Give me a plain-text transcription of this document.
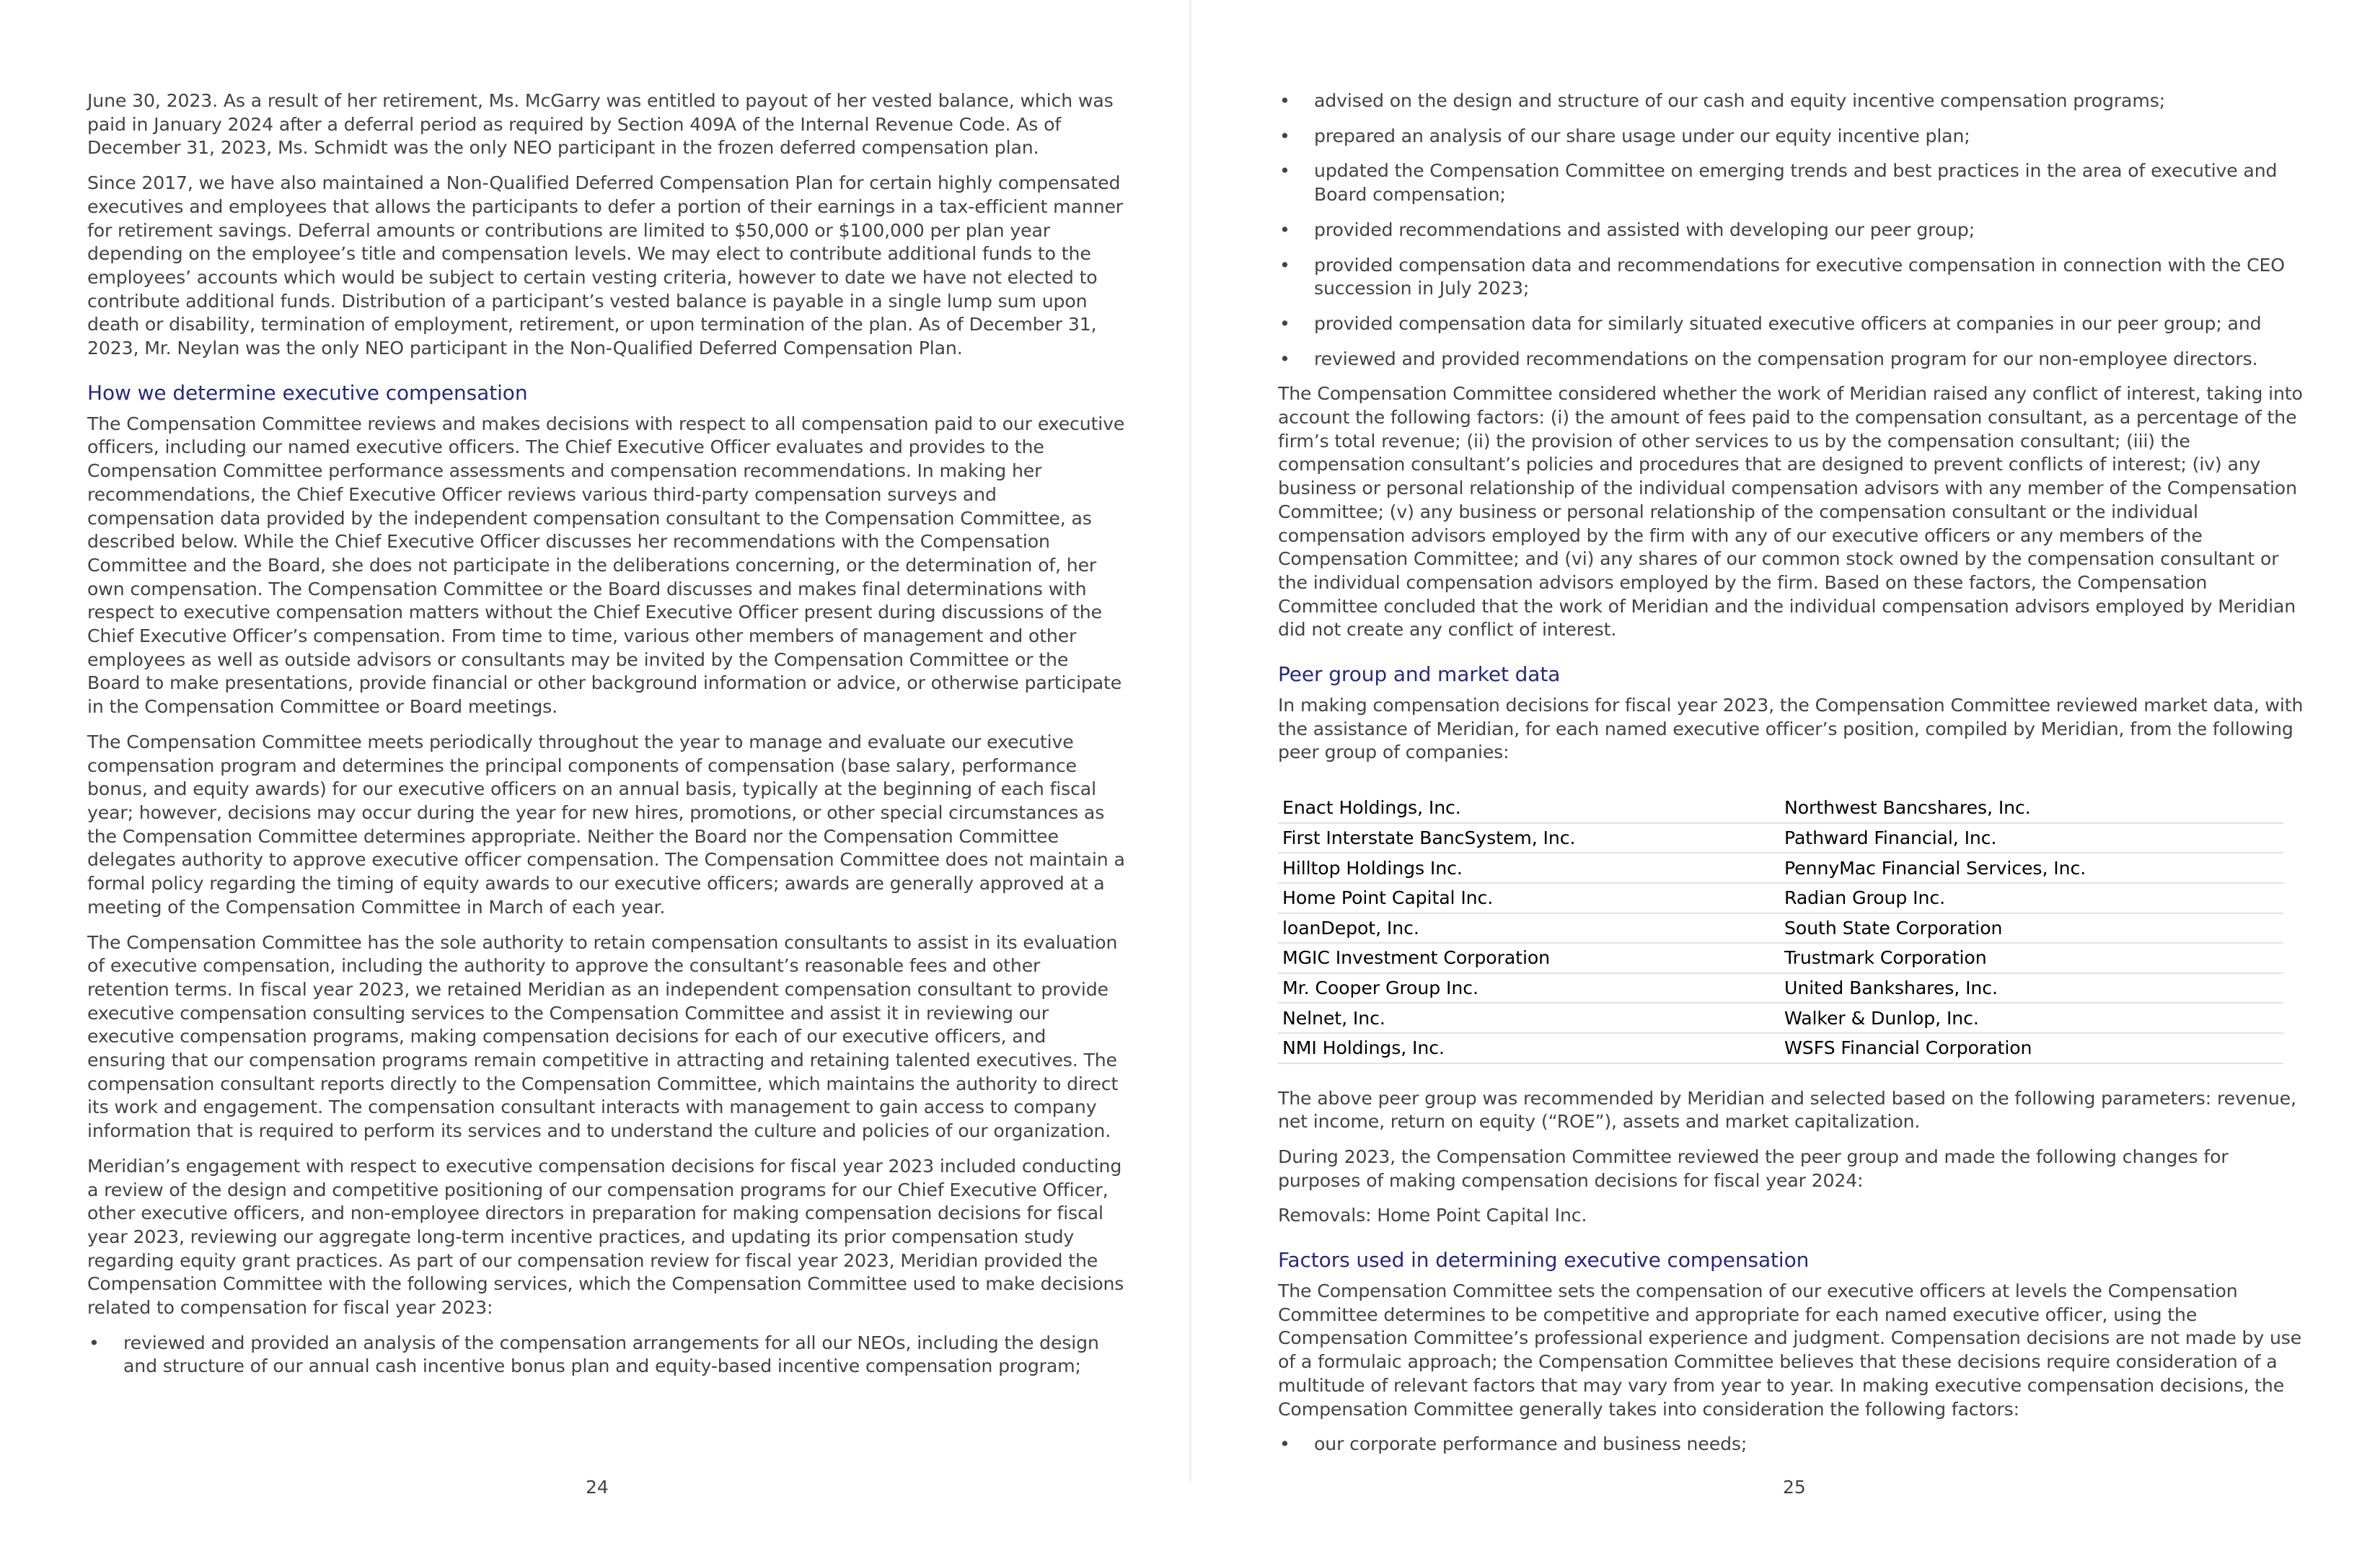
June 30, 2023. As a result of her retirement, Ms. McGarry was entitled to payout of her vested balance, which was paid in January 2024 after a deferral period as required by Section 409A of the Internal Revenue Code. As of December 31, 2023, Ms. Schmidt was the only NEO participant in the frozen deferred compensation plan.

Since 2017, we have also maintained a Non-Qualified Deferred Compensation Plan for certain highly compensated executives and employees that allows the participants to defer a portion of their earnings in a tax-efficient manner for retirement savings. Deferral amounts or contributions are limited to $50,000 or $100,000 per plan year depending on the employee’s title and compensation levels. We may elect to contribute additional funds to the employees’ accounts which would be subject to certain vesting criteria, however to date we have not elected to contribute additional funds. Distribution of a participant’s vested balance is payable in a single lump sum upon death or disability, termination of employment, retirement, or upon termination of the plan. As of December 31, 2023, Mr. Neylan was the only NEO participant in the Non-Qualified Deferred Compensation Plan.

How we determine executive compensation

The Compensation Committee reviews and makes decisions with respect to all compensation paid to our executive officers, including our named executive officers. The Chief Executive Officer evaluates and provides to the Compensation Committee performance assessments and compensation recommendations. In making her recommendations, the Chief Executive Officer reviews various third-party compensation surveys and compensation data provided by the independent compensation consultant to the Compensation Committee, as described below. While the Chief Executive Officer discusses her recommendations with the Compensation Committee and the Board, she does not participate in the deliberations concerning, or the determination of, her own compensation. The Compensation Committee or the Board discusses and makes final determinations with respect to executive compensation matters without the Chief Executive Officer present during discussions of the Chief Executive Officer’s compensation. From time to time, various other members of management and other employees as well as outside advisors or consultants may be invited by the Compensation Committee or the Board to make presentations, provide financial or other background information or advice, or otherwise participate in the Compensation Committee or Board meetings.

The Compensation Committee meets periodically throughout the year to manage and evaluate our executive compensation program and determines the principal components of compensation (base salary, performance bonus, and equity awards) for our executive officers on an annual basis, typically at the beginning of each fiscal year; however, decisions may occur during the year for new hires, promotions, or other special circumstances as the Compensation Committee determines appropriate. Neither the Board nor the Compensation Committee delegates authority to approve executive officer compensation. The Compensation Committee does not maintain a formal policy regarding the timing of equity awards to our executive officers; awards are generally approved at a meeting of the Compensation Committee in March of each year.

The Compensation Committee has the sole authority to retain compensation consultants to assist in its evaluation of executive compensation, including the authority to approve the consultant’s reasonable fees and other retention terms. In fiscal year 2023, we retained Meridian as an independent compensation consultant to provide executive compensation consulting services to the Compensation Committee and assist it in reviewing our executive compensation programs, making compensation decisions for each of our executive officers, and ensuring that our compensation programs remain competitive in attracting and retaining talented executives. The compensation consultant reports directly to the Compensation Committee, which maintains the authority to direct its work and engagement. The compensation consultant interacts with management to gain access to company information that is required to perform its services and to understand the culture and policies of our organization.

Meridian’s engagement with respect to executive compensation decisions for fiscal year 2023 included conducting a review of the design and competitive positioning of our compensation programs for our Chief Executive Officer, other executive officers, and non-employee directors in preparation for making compensation decisions for fiscal year 2023, reviewing our aggregate long-term incentive practices, and updating its prior compensation study regarding equity grant practices. As part of our compensation review for fiscal year 2023, Meridian provided the Compensation Committee with the following services, which the Compensation Committee used to make decisions related to compensation for fiscal year 2023:

• reviewed and provided an analysis of the compensation arrangements for all our NEOs, including the design and structure of our annual cash incentive bonus plan and equity-based incentive compensation program;
24
• advised on the design and structure of our cash and equity incentive compensation programs;
• prepared an analysis of our share usage under our equity incentive plan;
• updated the Compensation Committee on emerging trends and best practices in the area of executive and Board compensation;
• provided recommendations and assisted with developing our peer group;
• provided compensation data and recommendations for executive compensation in connection with the CEO succession in July 2023;
• provided compensation data for similarly situated executive officers at companies in our peer group; and
• reviewed and provided recommendations on the compensation program for our non-employee directors.

The Compensation Committee considered whether the work of Meridian raised any conflict of interest, taking into account the following factors: (i) the amount of fees paid to the compensation consultant, as a percentage of the firm’s total revenue; (ii) the provision of other services to us by the compensation consultant; (iii) the compensation consultant’s policies and procedures that are designed to prevent conflicts of interest; (iv) any business or personal relationship of the individual compensation advisors with any member of the Compensation Committee; (v) any business or personal relationship of the compensation consultant or the individual compensation advisors employed by the firm with any of our executive officers or any members of the Compensation Committee; and (vi) any shares of our common stock owned by the compensation consultant or the individual compensation advisors employed by the firm. Based on these factors, the Compensation Committee concluded that the work of Meridian and the individual compensation advisors employed by Meridian did not create any conflict of interest.

Peer group and market data

In making compensation decisions for fiscal year 2023, the Compensation Committee reviewed market data, with the assistance of Meridian, for each named executive officer’s position, compiled by Meridian, from the following peer group of companies:

Enact Holdings, Inc.	Northwest Bancshares, Inc.
First Interstate BancSystem, Inc.	Pathward Financial, Inc.
Hilltop Holdings Inc.	PennyMac Financial Services, Inc.
Home Point Capital Inc.	Radian Group Inc.
loanDepot, Inc.	South State Corporation
MGIC Investment Corporation	Trustmark Corporation
Mr. Cooper Group Inc.	United Bankshares, Inc.
Nelnet, Inc.	Walker & Dunlop, Inc.
NMI Holdings, Inc.	WSFS Financial Corporation

The above peer group was recommended by Meridian and selected based on the following parameters: revenue, net income, return on equity (“ROE”), assets and market capitalization.

During 2023, the Compensation Committee reviewed the peer group and made the following changes for purposes of making compensation decisions for fiscal year 2024:

Removals: Home Point Capital Inc.

Factors used in determining executive compensation

The Compensation Committee sets the compensation of our executive officers at levels the Compensation Committee determines to be competitive and appropriate for each named executive officer, using the Compensation Committee’s professional experience and judgment. Compensation decisions are not made by use of a formulaic approach; the Compensation Committee believes that these decisions require consideration of a multitude of relevant factors that may vary from year to year. In making executive compensation decisions, the Compensation Committee generally takes into consideration the following factors:

• our corporate performance and business needs;
25
